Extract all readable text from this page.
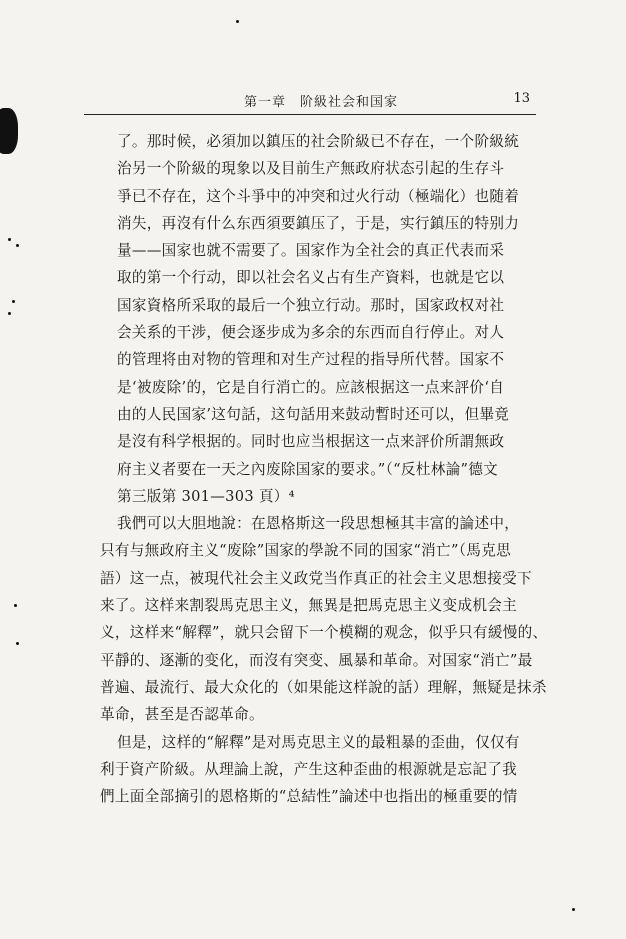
第一章　阶級社会和国家	13
了。那时候，必須加以鎮压的社会阶級已不存在，一个阶級統
治另一个阶級的現象以及目前生产無政府状态引起的生存斗
爭已不存在，这个斗爭中的冲突和过火行动（極端化）也随着
消失，再沒有什么东西須要鎮压了，于是，实行鎮压的特别力
量——国家也就不需要了。国家作为全社会的真正代表而采
取的第一个行动，即以社会名义占有生产資料，也就是它以
国家資格所采取的最后一个独立行动。那时，国家政权对社
会关系的干涉，便会逐步成为多余的东西而自行停止。对人
的管理将由对物的管理和对生产过程的指导所代替。国家不
是‘被废除’的，它是自行消亡的。应該根据这一点来評价‘自
由的人民国家’这句話，这句話用来鼓动暫时还可以，但畢竟
是沒有科学根据的。同时也应当根据这一点来評价所謂無政
府主义者要在一天之內废除国家的要求。”（“反杜林論”德文
第三版第 301—303 頁）⁴
我們可以大胆地說：在恩格斯这一段思想極其丰富的論述中，
只有与無政府主义“废除”国家的學說不同的国家“消亡”（馬克思
語）这一点，被現代社会主义政党当作真正的社会主义思想接受下
来了。这样来割裂馬克思主义，無異是把馬克思主义变成机会主
义，这样来“解釋”，就只会留下一个模糊的观念，似乎只有緩慢的、
平靜的、逐漸的变化，而沒有突变、風暴和革命。对国家“消亡”最
普遍、最流行、最大众化的（如果能这样說的話）理解，無疑是抹杀
革命，甚至是否認革命。
但是，这样的“解釋”是对馬克思主义的最粗暴的歪曲，仅仅有
利于資产阶級。从理論上說，产生这种歪曲的根源就是忘記了我
們上面全部摘引的恩格斯的“总結性”論述中也指出的極重要的情
